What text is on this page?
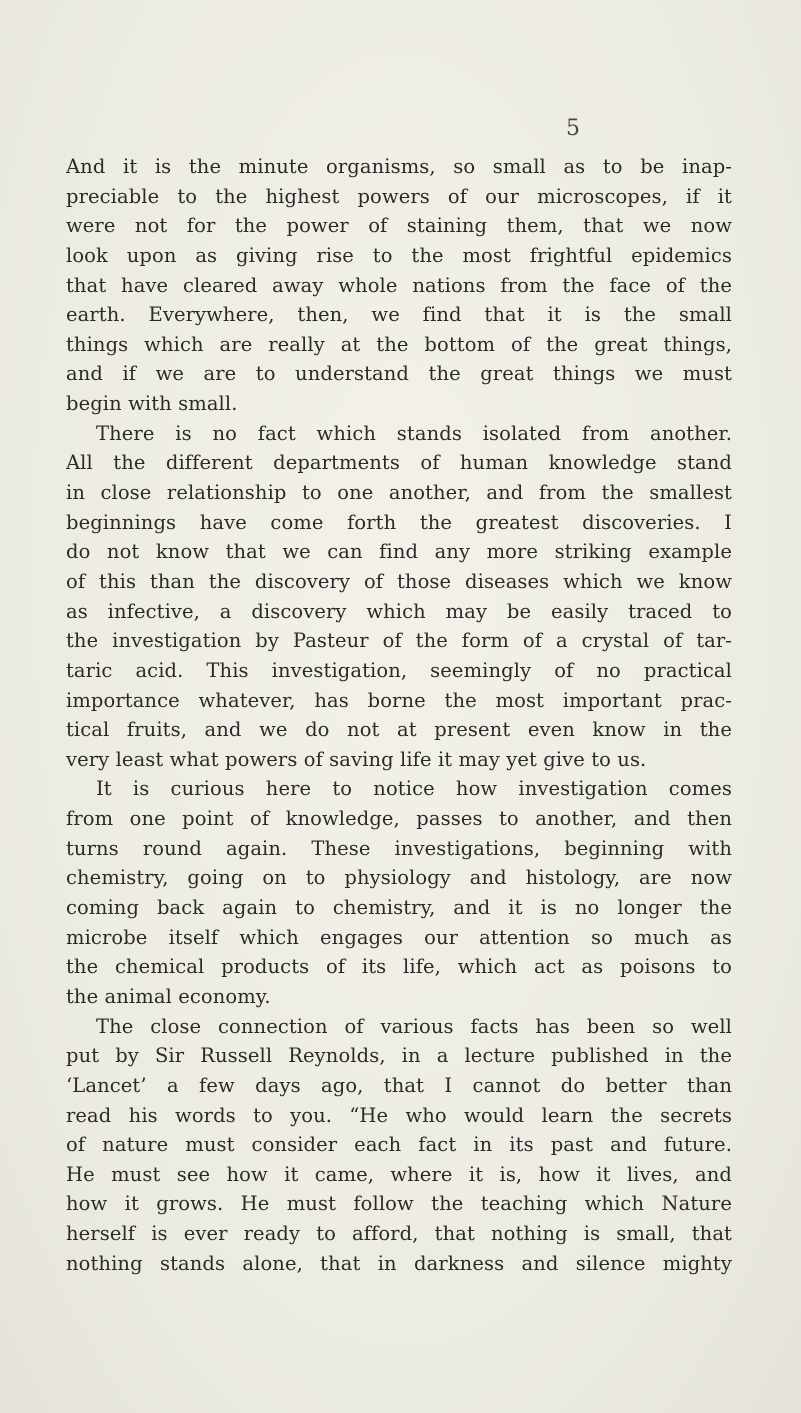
5
And it is the minute organisms, so small as to be inap-
preciable to the highest powers of our microscopes, if it
were not for the power of staining them, that we now
look upon as giving rise to the most frightful epidemics
that have cleared away whole nations from the face of the
earth. Everywhere, then, we find that it is the small
things which are really at the bottom of the great things,
and if we are to understand the great things we must
begin with small.
There is no fact which stands isolated from another.
All the different departments of human knowledge stand
in close relationship to one another, and from the smallest
beginnings have come forth the greatest discoveries. I
do not know that we can find any more striking example
of this than the discovery of those diseases which we know
as infective, a discovery which may be easily traced to
the investigation by Pasteur of the form of a crystal of tar-
taric acid. This investigation, seemingly of no practical
importance whatever, has borne the most important prac-
tical fruits, and we do not at present even know in the
very least what powers of saving life it may yet give to us.
It is curious here to notice how investigation comes
from one point of knowledge, passes to another, and then
turns round again. These investigations, beginning with
chemistry, going on to physiology and histology, are now
coming back again to chemistry, and it is no longer the
microbe itself which engages our attention so much as
the chemical products of its life, which act as poisons to
the animal economy.
The close connection of various facts has been so well
put by Sir Russell Reynolds, in a lecture published in the
‘Lancet’ a few days ago, that I cannot do better than
read his words to you. “He who would learn the secrets
of nature must consider each fact in its past and future.
He must see how it came, where it is, how it lives, and
how it grows. He must follow the teaching which Nature
herself is ever ready to afford, that nothing is small, that
nothing stands alone, that in darkness and silence mighty
